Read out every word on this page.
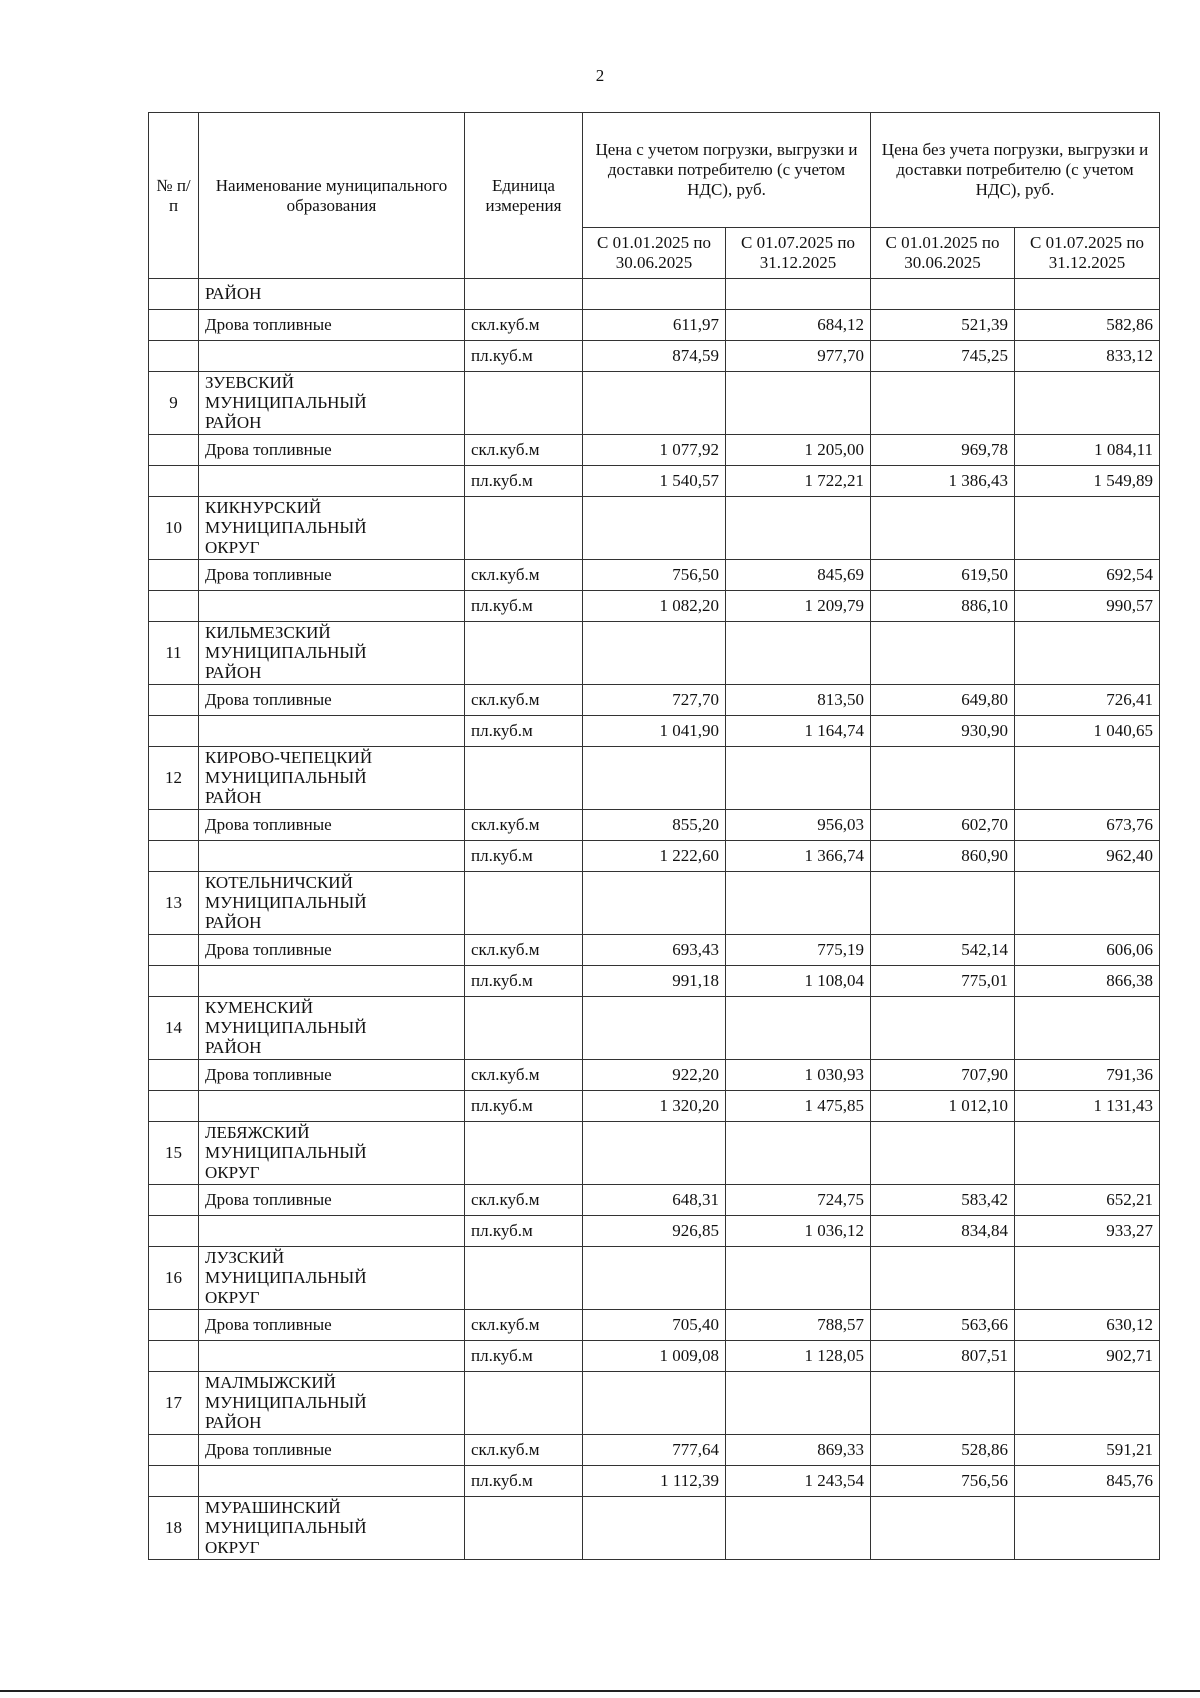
2
№ п/п	Наименование муниципального образования	Единица измерения	Цена с учетом погрузки, выгрузки и доставки потребителю (с учетом НДС), руб.		Цена без учета погрузки, выгрузки и доставки потребителю (с учетом НДС), руб.	
			С 01.01.2025 по 30.06.2025	С 01.07.2025 по 31.12.2025	С 01.01.2025 по 30.06.2025	С 01.07.2025 по 31.12.2025
	РАЙОН					
	Дрова топливные	скл.куб.м	611,97	684,12	521,39	582,86
		пл.куб.м	874,59	977,70	745,25	833,12
9	ЗУЕВСКИЙ МУНИЦИПАЛЬНЫЙ РАЙОН					
	Дрова топливные	скл.куб.м	1 077,92	1 205,00	969,78	1 084,11
		пл.куб.м	1 540,57	1 722,21	1 386,43	1 549,89
10	КИКНУРСКИЙ МУНИЦИПАЛЬНЫЙ ОКРУГ					
	Дрова топливные	скл.куб.м	756,50	845,69	619,50	692,54
		пл.куб.м	1 082,20	1 209,79	886,10	990,57
11	КИЛЬМЕЗСКИЙ МУНИЦИПАЛЬНЫЙ РАЙОН					
	Дрова топливные	скл.куб.м	727,70	813,50	649,80	726,41
		пл.куб.м	1 041,90	1 164,74	930,90	1 040,65
12	КИРОВО-ЧЕПЕЦКИЙ МУНИЦИПАЛЬНЫЙ РАЙОН					
	Дрова топливные	скл.куб.м	855,20	956,03	602,70	673,76
		пл.куб.м	1 222,60	1 366,74	860,90	962,40
13	КОТЕЛЬНИЧСКИЙ МУНИЦИПАЛЬНЫЙ РАЙОН					
	Дрова топливные	скл.куб.м	693,43	775,19	542,14	606,06
		пл.куб.м	991,18	1 108,04	775,01	866,38
14	КУМЕНСКИЙ МУНИЦИПАЛЬНЫЙ РАЙОН					
	Дрова топливные	скл.куб.м	922,20	1 030,93	707,90	791,36
		пл.куб.м	1 320,20	1 475,85	1 012,10	1 131,43
15	ЛЕБЯЖСКИЙ МУНИЦИПАЛЬНЫЙ ОКРУГ					
	Дрова топливные	скл.куб.м	648,31	724,75	583,42	652,21
		пл.куб.м	926,85	1 036,12	834,84	933,27
16	ЛУЗСКИЙ МУНИЦИПАЛЬНЫЙ ОКРУГ					
	Дрова топливные	скл.куб.м	705,40	788,57	563,66	630,12
		пл.куб.м	1 009,08	1 128,05	807,51	902,71
17	МАЛМЫЖСКИЙ МУНИЦИПАЛЬНЫЙ РАЙОН					
	Дрова топливные	скл.куб.м	777,64	869,33	528,86	591,21
		пл.куб.м	1 112,39	1 243,54	756,56	845,76
18	МУРАШИНСКИЙ МУНИЦИПАЛЬНЫЙ ОКРУГ					
